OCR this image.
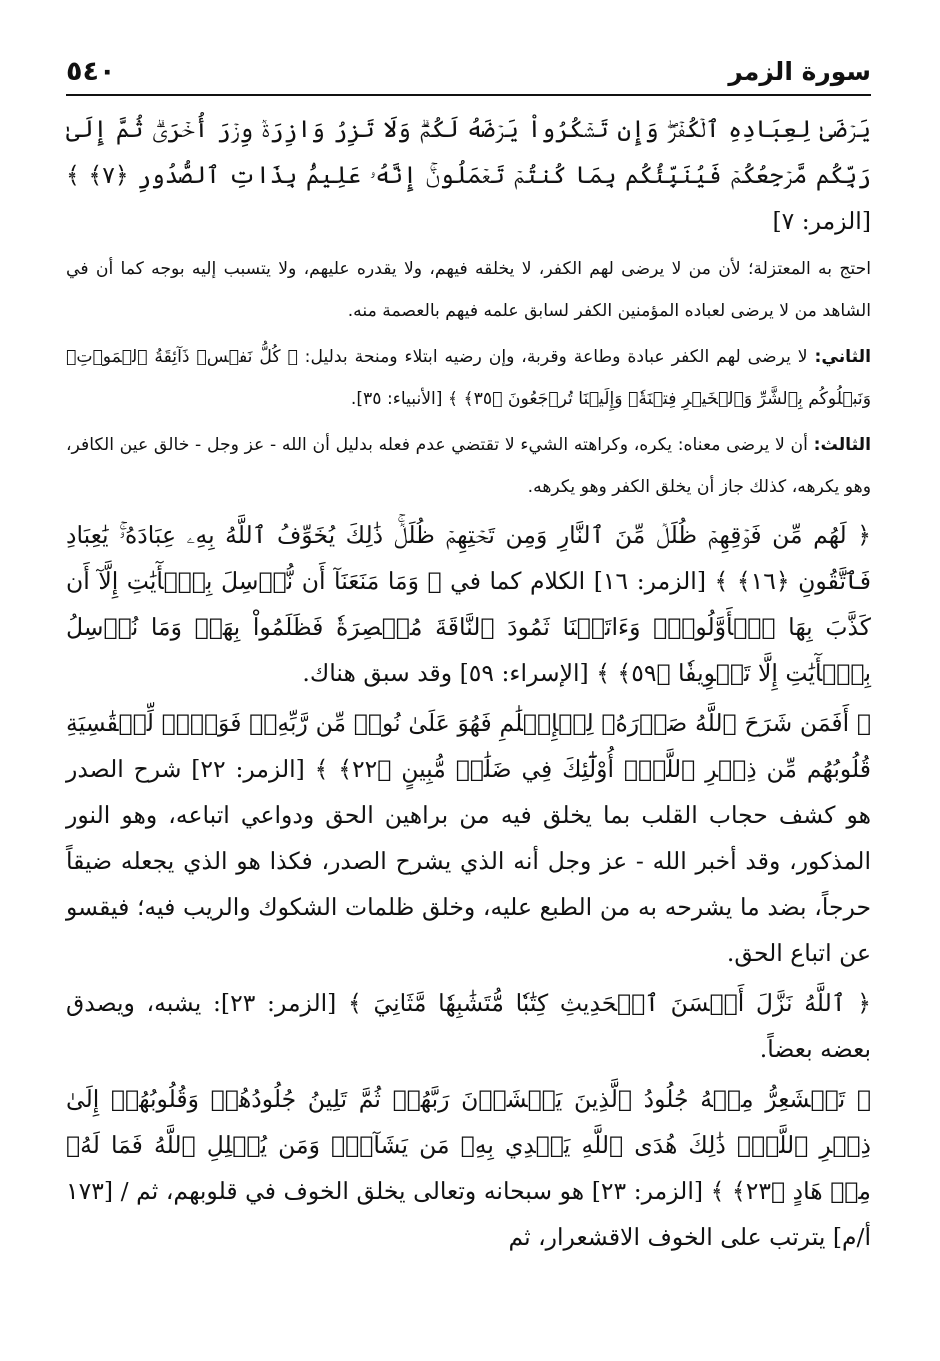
سورة الزمر
٥٤٠

يَرۡضَىٰ لِعِبَادِهِ ٱلۡكُفۡرَۖ وَإِن تَشۡكُرُواْ يَرۡضَهُ لَكُمۡۗ وَلَا تَزِرُ وَازِرَةٞ وِزۡرَ أُخۡرَىٰۗ ثُمَّ إِلَىٰ رَبِّكُم مَّرۡجِعُكُمۡ فَيُنَبِّئُكُم بِمَا كُنتُمۡ تَعۡمَلُونَۚ إِنَّهُۥ عَلِيمُۢ بِذَاتِ ٱلصُّدُورِ ﴿٧﴾ ﴾ [الزمر: ٧]

احتج به المعتزلة؛ لأن من لا يرضى لهم الكفر، لا يخلقه فيهم، ولا يقدره عليهم، ولا يتسبب إليه بوجه كما أن في الشاهد من لا يرضى لعباده المؤمنين الكفر لسابق علمه فيهم بالعصمة منه.

الثاني: لا يرضى لهم الكفر عبادة وطاعة وقربة، وإن رضيه ابتلاء ومنحة بدليل: ﴿ كُلُّ نَفۡسٖ ذَآئِقَةُ ٱلۡمَوۡتِۗ وَنَبۡلُوكُم بِٱلشَّرِّ وَٱلۡخَيۡرِ فِتۡنَةٗۖ وَإِلَيۡنَا تُرۡجَعُونَ ﴿٣٥﴾ ﴾ [الأنبياء: ٣٥].

الثالث: أن لا يرضى معناه: يكره، وكراهته الشيء لا تقتضي عدم فعله بدليل أن الله - عز وجل - خالق عين الكافر، وهو يكرهه، كذلك جاز أن يخلق الكفر وهو يكرهه.

﴿ لَهُم مِّن فَوۡقِهِمۡ ظُلَلٞ مِّنَ ٱلنَّارِ وَمِن تَحۡتِهِمۡ ظُلَلٞۚ ذَٰلِكَ يُخَوِّفُ ٱللَّهُ بِهِۦ عِبَادَهُۥۚ يَٰعِبَادِ فَٱتَّقُونِ ﴿١٦﴾ ﴾ [الزمر: ١٦] الكلام كما في ﴿ وَمَا مَنَعَنَآ أَن نُّرۡسِلَ بِٱلۡأٓيَٰتِ إِلَّآ أَن كَذَّبَ بِهَا ٱلۡأَوَّلُونَۚ وَءَاتَيۡنَا ثَمُودَ ٱلنَّاقَةَ مُبۡصِرَةٗ فَظَلَمُواْ بِهَاۚ وَمَا نُرۡسِلُ بِٱلۡأٓيَٰتِ إِلَّا تَخۡوِيفٗا ﴿٥٩﴾ ﴾ [الإسراء: ٥٩] وقد سبق هناك.

﴿ أَفَمَن شَرَحَ ٱللَّهُ صَدۡرَهُۥ لِلۡإِسۡلَٰمِ فَهُوَ عَلَىٰ نُورٖ مِّن رَّبِّهِۦۚ فَوَيۡلٞ لِّلۡقَٰسِيَةِ قُلُوبُهُم مِّن ذِكۡرِ ٱللَّهِۚ أُوْلَٰٓئِكَ فِي ضَلَٰلٖ مُّبِينٍ ﴿٢٢﴾ ﴾ [الزمر: ٢٢] شرح الصدر هو كشف حجاب القلب بما يخلق فيه من براهين الحق ودواعي اتباعه، وهو النور المذكور، وقد أخبر الله - عز وجل أنه الذي يشرح الصدر، فكذا هو الذي يجعله ضيقاً حرجاً، بضد ما يشرحه به من الطبع عليه، وخلق ظلمات الشكوك والريب فيه؛ فيقسو عن اتباع الحق.

﴿ ٱللَّهُ نَزَّلَ أَحۡسَنَ ٱلۡحَدِيثِ كِتَٰبٗا مُّتَشَٰبِهٗا مَّثَانِيَ ﴾ [الزمر: ٢٣]: يشبه، ويصدق بعضه بعضاً.

﴿ تَقۡشَعِرُّ مِنۡهُ جُلُودُ ٱلَّذِينَ يَخۡشَوۡنَ رَبَّهُمۡ ثُمَّ تَلِينُ جُلُودُهُمۡ وَقُلُوبُهُمۡ إِلَىٰ ذِكۡرِ ٱللَّهِۚ ذَٰلِكَ هُدَى ٱللَّهِ يَهۡدِي بِهِۦ مَن يَشَآءُۚ وَمَن يُضۡلِلِ ٱللَّهُ فَمَا لَهُۥ مِنۡ هَادٍ ﴿٢٣﴾ ﴾ [الزمر: ٢٣] هو سبحانه وتعالى يخلق الخوف في قلوبهم، ثم / [١٧٣ أ/م] يترتب على الخوف الاقشعرار، ثم
